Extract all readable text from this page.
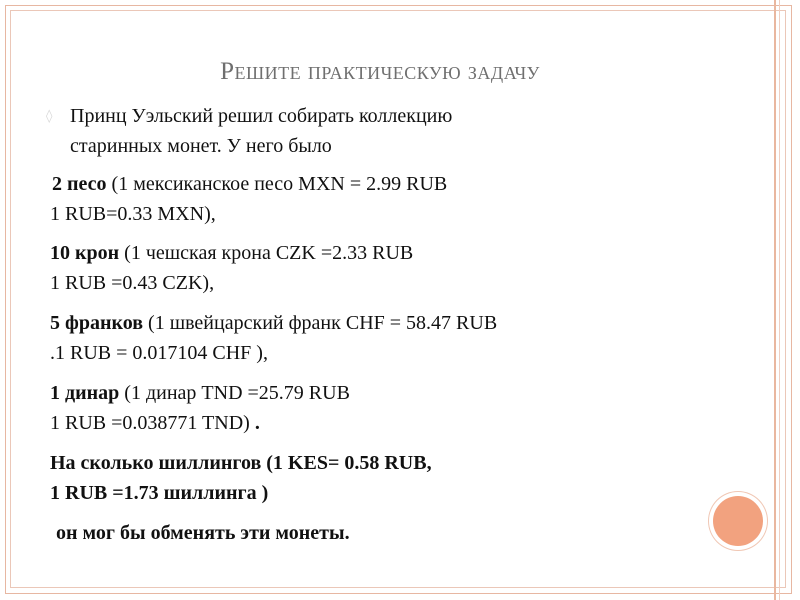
Решите практическую задачу
◊ Принц Уэльский решил собирать коллекцию
старинных монет. У него было
2 песо (1 мексиканское песо MXN = 2.99 RUB
1 RUB=0.33 MXN),
10 крон (1 чешская крона CZK =2.33 RUB
1 RUB =0.43 CZK),
5 франков (1 швейцарский франк CHF = 58.47 RUB
.1 RUB = 0.017104 CHF ),
1 динар (1 динар TND =25.79 RUB
1 RUB =0.038771 TND) .
На сколько шиллингов (1 KES= 0.58 RUB,
1 RUB =1.73 шиллинга )
он мог бы обменять эти монеты.
